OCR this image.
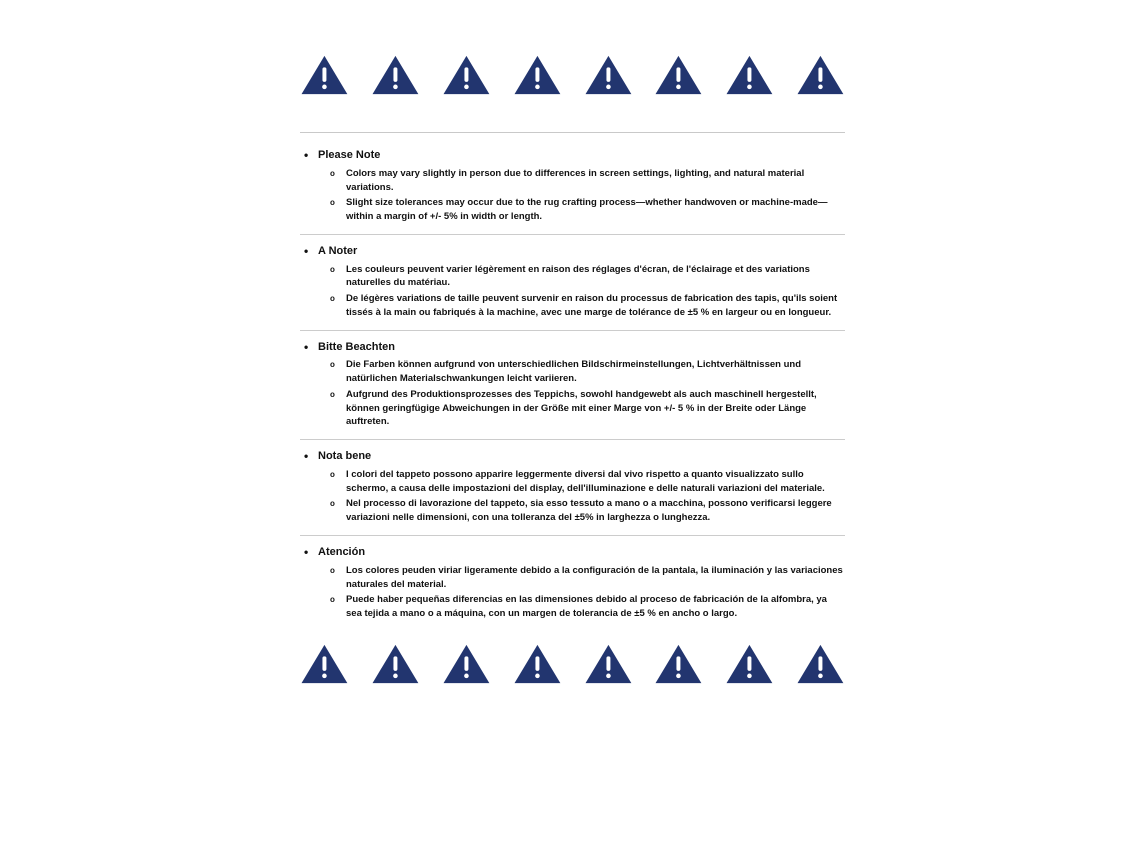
• Please Note
o	Colors may vary slightly in person due to differences in screen settings, lighting, and natural material variations.
o	Slight size tolerances may occur due to the rug crafting process—whether handwoven or machine-made—within a margin of +/- 5% in width or length.
• A Noter
o	Les couleurs peuvent varier légèrement en raison des réglages d'écran, de l'éclairage et des variations naturelles du matériau.
o	De légères variations de taille peuvent survenir en raison du processus de fabrication des tapis, qu'ils soient tissés à la main ou fabriqués à la machine, avec une marge de tolérance de ±5 % en largeur ou en longueur.
• Bitte Beachten
o	Die Farben können aufgrund von unterschiedlichen Bildschirmeinstellungen, Lichtverhältnissen und natürlichen Materialschwankungen leicht variieren.
o	Aufgrund des Produktionsprozesses des Teppichs, sowohl handgewebt als auch maschinell hergestellt, können geringfügige Abweichungen in der Größe mit einer Marge von +/- 5 % in der Breite oder Länge auftreten.
• Nota bene
o	I colori del tappeto possono apparire leggermente diversi dal vivo rispetto a quanto visualizzato sullo schermo, a causa delle impostazioni del display, dell'illuminazione e delle naturali variazioni del materiale.
o	Nel processo di lavorazione del tappeto, sia esso tessuto a mano o a macchina, possono verificarsi leggere variazioni nelle dimensioni, con una tolleranza del ±5% in larghezza o lunghezza.
• Atención
o	Los colores peuden viriar ligeramente debido a la configuración de la pantala, la iluminación y las variaciones naturales del material.
o	Puede haber pequeñas diferencias en las dimensiones debido al proceso de fabricación de la alfombra, ya sea tejida a mano o a máquina, con un margen de tolerancia de ±5 % en ancho o largo.
